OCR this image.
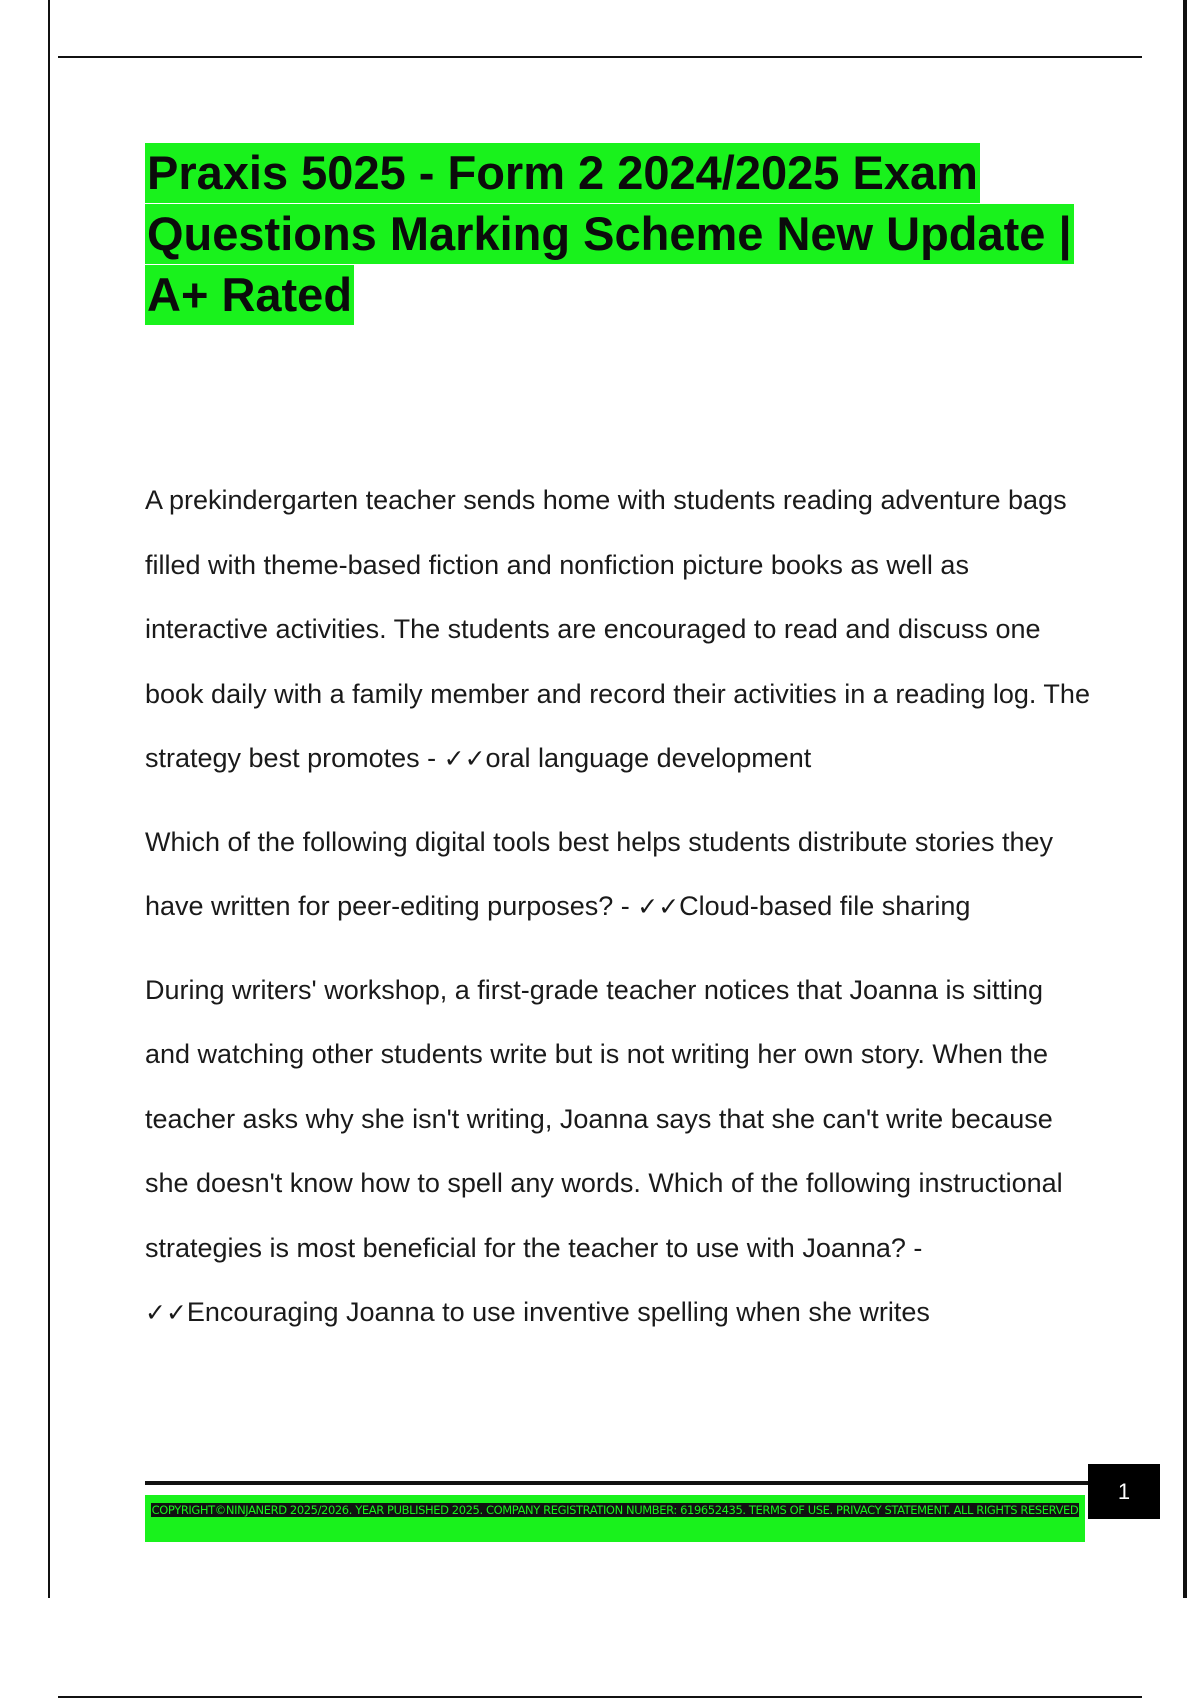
Praxis 5025 - Form 2 2024/2025 Exam Questions Marking Scheme New Update | A+ Rated

A prekindergarten teacher sends home with students reading adventure bags filled with theme-based fiction and nonfiction picture books as well as interactive activities. The students are encouraged to read and discuss one book daily with a family member and record their activities in a reading log. The strategy best promotes - ✓✓oral language development

Which of the following digital tools best helps students distribute stories they have written for peer-editing purposes? - ✓✓Cloud-based file sharing

During writers' workshop, a first-grade teacher notices that Joanna is sitting and watching other students write but is not writing her own story. When the teacher asks why she isn't writing, Joanna says that she can't write because she doesn't know how to spell any words. Which of the following instructional strategies is most beneficial for the teacher to use with Joanna? - ✓✓Encouraging Joanna to use inventive spelling when she writes

COPYRIGHT©NINJANERD 2025/2026. YEAR PUBLISHED 2025. COMPANY REGISTRATION NUMBER: 619652435. TERMS OF USE. PRIVACY STATEMENT. ALL RIGHTS RESERVED
1
